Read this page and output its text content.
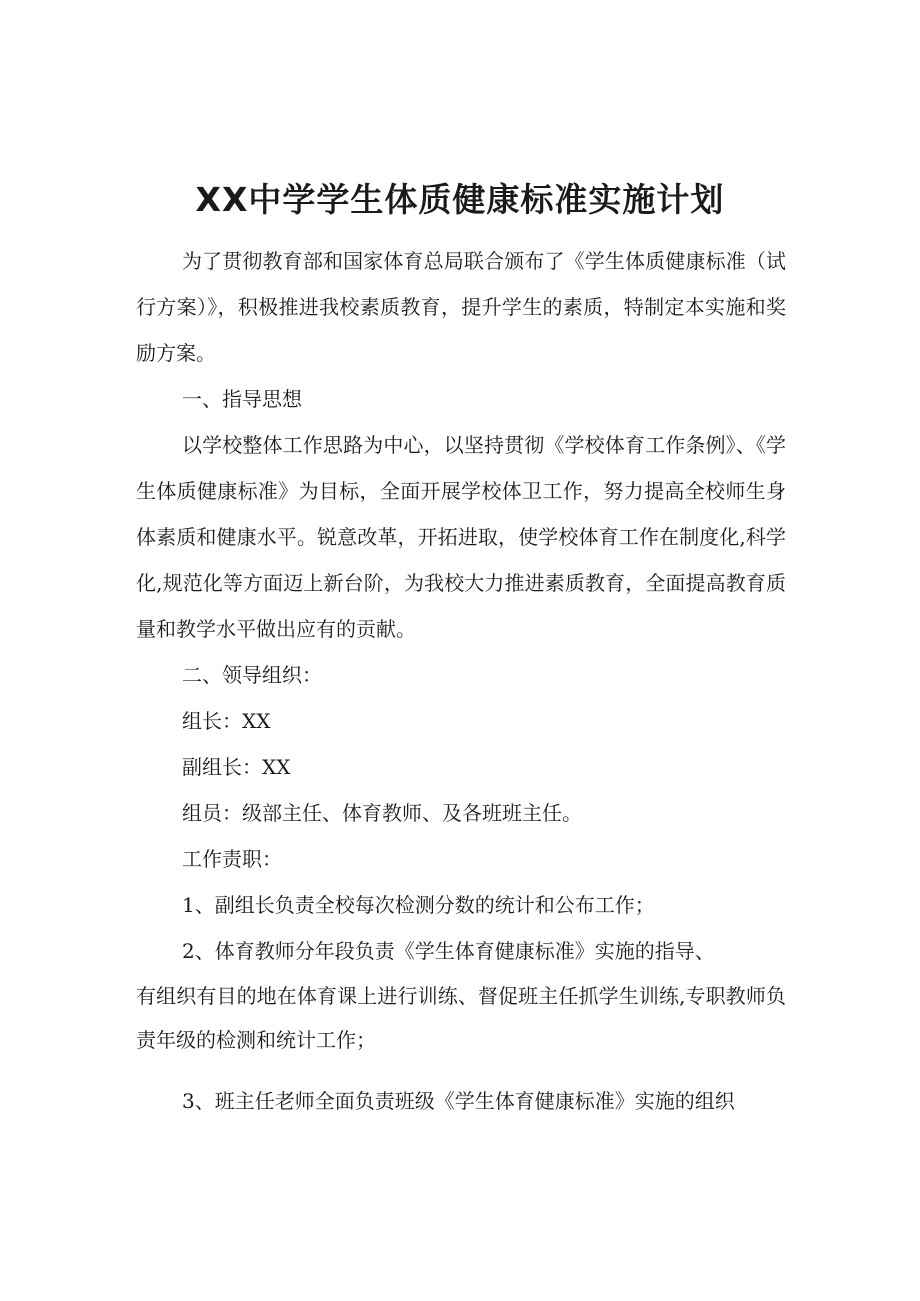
XX中学学生体质健康标准实施计划

为了贯彻教育部和国家体育总局联合颁布了《学生体质健康标准（试行方案）》，积极推进我校素质教育，提升学生的素质，特制定本实施和奖励方案。

一、指导思想

以学校整体工作思路为中心，以坚持贯彻《学校体育工作条例》、《学生体质健康标准》为目标，全面开展学校体卫工作，努力提高全校师生身体素质和健康水平。锐意改革，开拓进取，使学校体育工作在制度化,科学化,规范化等方面迈上新台阶，为我校大力推进素质教育，全面提高教育质量和教学水平做出应有的贡献。

二、领导组织：

组长：XX

副组长：XX

组员：级部主任、体育教师、及各班班主任。

工作责职：

1、副组长负责全校每次检测分数的统计和公布工作；

2、体育教师分年段负责《学生体育健康标准》实施的指导、

有组织有目的地在体育课上进行训练、督促班主任抓学生训练,专职教师负责年级的检测和统计工作；

3、班主任老师全面负责班级《学生体育健康标准》实施的组织
